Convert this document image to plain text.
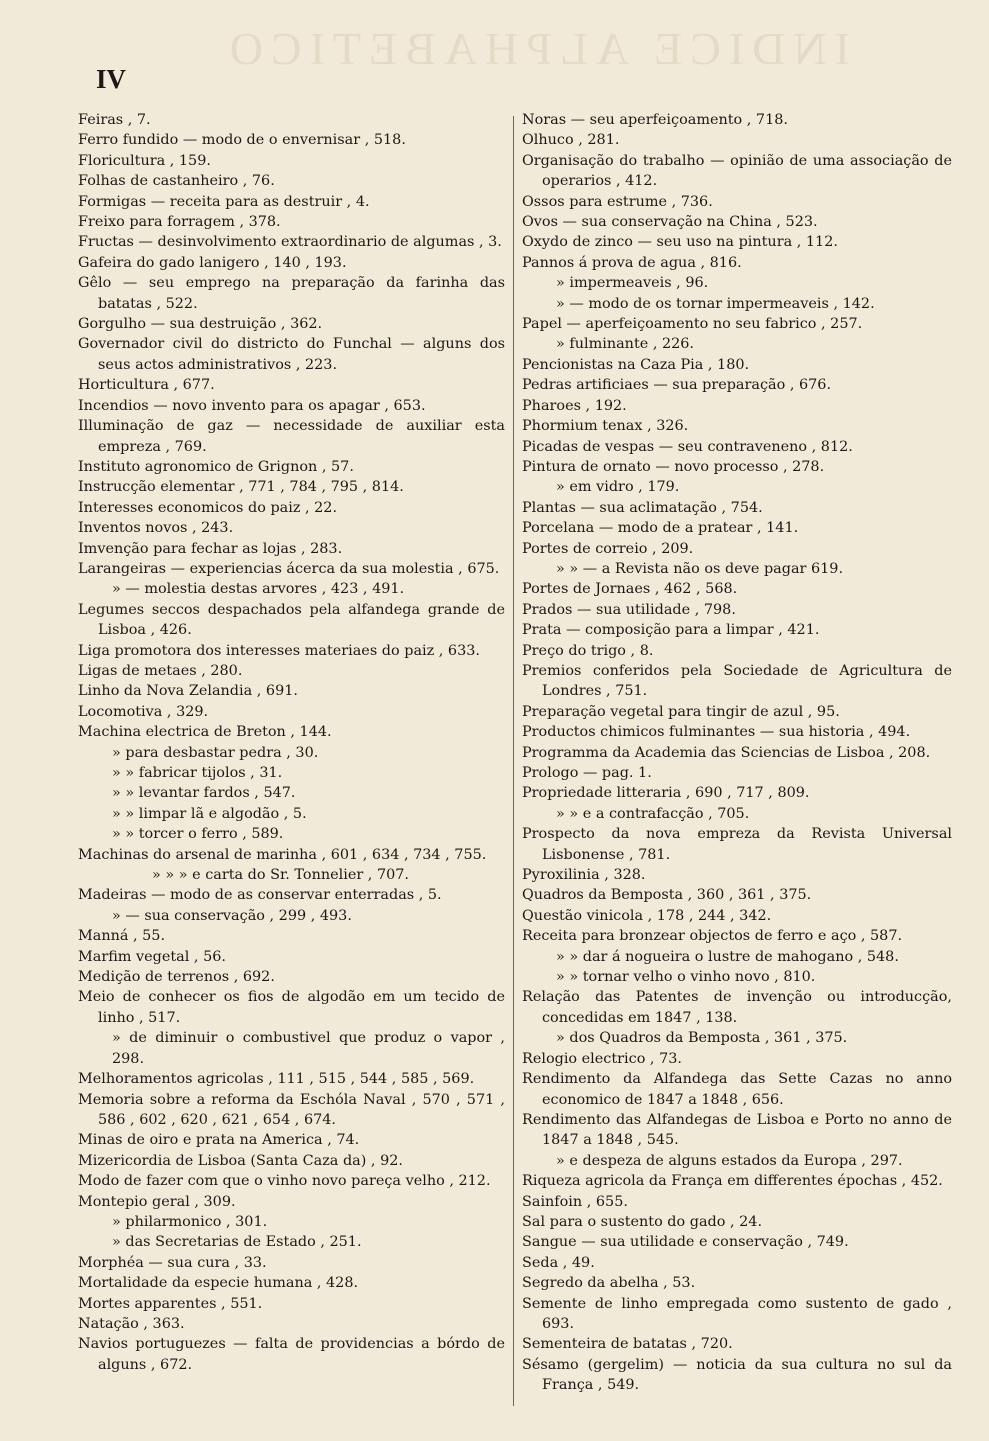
INDICE ALPHABETICO
IV
Feiras , 7.
Ferro fundido — modo de o envernisar , 518.
Floricultura , 159.
Folhas de castanheiro , 76.
Formigas — receita para as destruir , 4.
Freixo para forragem , 378.
Fructas — desinvolvimento extraordinario de algumas , 3.
Gafeira do gado lanigero , 140 , 193.
Gêlo — seu emprego na preparação da farinha das batatas , 522.
Gorgulho — sua destruição , 362.
Governador civil do districto do Funchal — alguns dos seus actos administrativos , 223.
Horticultura , 677.
Incendios — novo invento para os apagar , 653.
Illuminação de gaz — necessidade de auxiliar esta empreza , 769.
Instituto agronomico de Grignon , 57.
Instrucção elementar , 771 , 784 , 795 , 814.
Interesses economicos do paiz , 22.
Inventos novos , 243.
Imvenção para fechar as lojas , 283.
Larangeiras — experiencias ácerca da sua molestia , 675.
» — molestia destas arvores , 423 , 491.
Legumes seccos despachados pela alfandega grande de Lisboa , 426.
Liga promotora dos interesses materiaes do paiz , 633.
Ligas de metaes , 280.
Linho da Nova Zelandia , 691.
Locomotiva , 329.
Machina electrica de Breton , 144.
» para desbastar pedra , 30.
» » fabricar tijolos , 31.
» » levantar fardos , 547.
» » limpar lã e algodão , 5.
» » torcer o ferro , 589.
Machinas do arsenal de marinha , 601 , 634 , 734 , 755.
» » » e carta do Sr. Tonnelier , 707.
Madeiras — modo de as conservar enterradas , 5.
» — sua conservação , 299 , 493.
Manná , 55.
Marfim vegetal , 56.
Medição de terrenos , 692.
Meio de conhecer os fios de algodão em um tecido de linho , 517.
» de diminuir o combustivel que produz o vapor , 298.
Melhoramentos agricolas , 111 , 515 , 544 , 585 , 569.
Memoria sobre a reforma da Eschóla Naval , 570 , 571 , 586 , 602 , 620 , 621 , 654 , 674.
Minas de oiro e prata na America , 74.
Mizericordia de Lisboa (Santa Caza da) , 92.
Modo de fazer com que o vinho novo pareça velho , 212.
Montepio geral , 309.
» philarmonico , 301.
» das Secretarias de Estado , 251.
Morphéa — sua cura , 33.
Mortalidade da especie humana , 428.
Mortes apparentes , 551.
Natação , 363.
Navios portuguezes — falta de providencias a bórdo de alguns , 672.
Noras — seu aperfeiçoamento , 718.
Olhuco , 281.
Organisação do trabalho — opinião de uma associação de operarios , 412.
Ossos para estrume , 736.
Ovos — sua conservação na China , 523.
Oxydo de zinco — seu uso na pintura , 112.
Pannos á prova de agua , 816.
» impermeaveis , 96.
» — modo de os tornar impermeaveis , 142.
Papel — aperfeiçoamento no seu fabrico , 257.
» fulminante , 226.
Pencionistas na Caza Pia , 180.
Pedras artificiaes — sua preparação , 676.
Pharoes , 192.
Phormium tenax , 326.
Picadas de vespas — seu contraveneno , 812.
Pintura de ornato — novo processo , 278.
» em vidro , 179.
Plantas — sua aclimatação , 754.
Porcelana — modo de a pratear , 141.
Portes de correio , 209.
» » — a Revista não os deve pagar 619.
Portes de Jornaes , 462 , 568.
Prados — sua utilidade , 798.
Prata — composição para a limpar , 421.
Preço do trigo , 8.
Premios conferidos pela Sociedade de Agricultura de Londres , 751.
Preparação vegetal para tingir de azul , 95.
Productos chimicos fulminantes — sua historia , 494.
Programma da Academia das Sciencias de Lisboa , 208.
Prologo — pag. 1.
Propriedade litteraria , 690 , 717 , 809.
» » e a contrafacção , 705.
Prospecto da nova empreza da Revista Universal Lisbonense , 781.
Pyroxilinia , 328.
Quadros da Bemposta , 360 , 361 , 375.
Questão vinicola , 178 , 244 , 342.
Receita para bronzear objectos de ferro e aço , 587.
» » dar á nogueira o lustre de mahogano , 548.
» » tornar velho o vinho novo , 810.
Relação das Patentes de invenção ou introducção, concedidas em 1847 , 138.
» dos Quadros da Bemposta , 361 , 375.
Relogio electrico , 73.
Rendimento da Alfandega das Sette Cazas no anno economico de 1847 a 1848 , 656.
Rendimento das Alfandegas de Lisboa e Porto no anno de 1847 a 1848 , 545.
» e despeza de alguns estados da Europa , 297.
Riqueza agricola da França em differentes épochas , 452.
Sainfoin , 655.
Sal para o sustento do gado , 24.
Sangue — sua utilidade e conservação , 749.
Seda , 49.
Segredo da abelha , 53.
Semente de linho empregada como sustento de gado , 693.
Sementeira de batatas , 720.
Sésamo (gergelim) — noticia da sua cultura no sul da França , 549.
